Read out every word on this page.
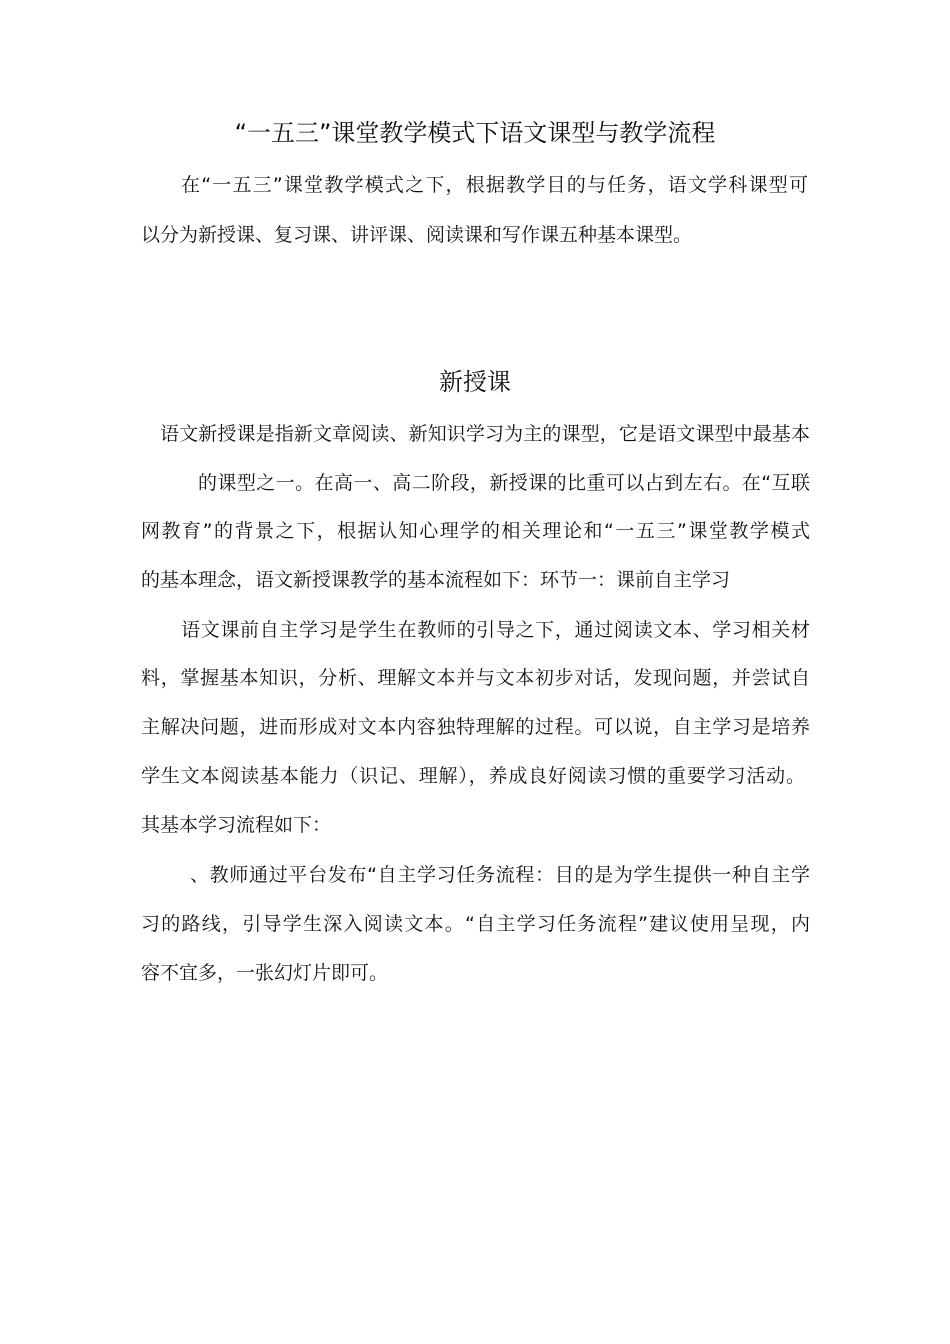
“一五三”课堂教学模式下语文课型与教学流程

在“一五三”课堂教学模式之下，根据教学目的与任务，语文学科课型可

以分为新授课、复习课、讲评课、阅读课和写作课五种基本课型。

新授课

语文新授课是指新文章阅读、新知识学习为主的课型，它是语文课型中最基本

的课型之一。在高一、高二阶段，新授课的比重可以占到左右。在“互联

网教育”的背景之下，根据认知心理学的相关理论和“一五三”课堂教学模式

的基本理念，语文新授课教学的基本流程如下：环节一：课前自主学习

语文课前自主学习是学生在教师的引导之下，通过阅读文本、学习相关材

料，掌握基本知识，分析、理解文本并与文本初步对话，发现问题，并尝试自

主解决问题，进而形成对文本内容独特理解的过程。可以说，自主学习是培养

学生文本阅读基本能力（识记、理解），养成良好阅读习惯的重要学习活动。

其基本学习流程如下：

、教师通过平台发布“自主学习任务流程：目的是为学生提供一种自主学

习的路线，引导学生深入阅读文本。“自主学习任务流程”建议使用呈现，内

容不宜多，一张幻灯片即可。
